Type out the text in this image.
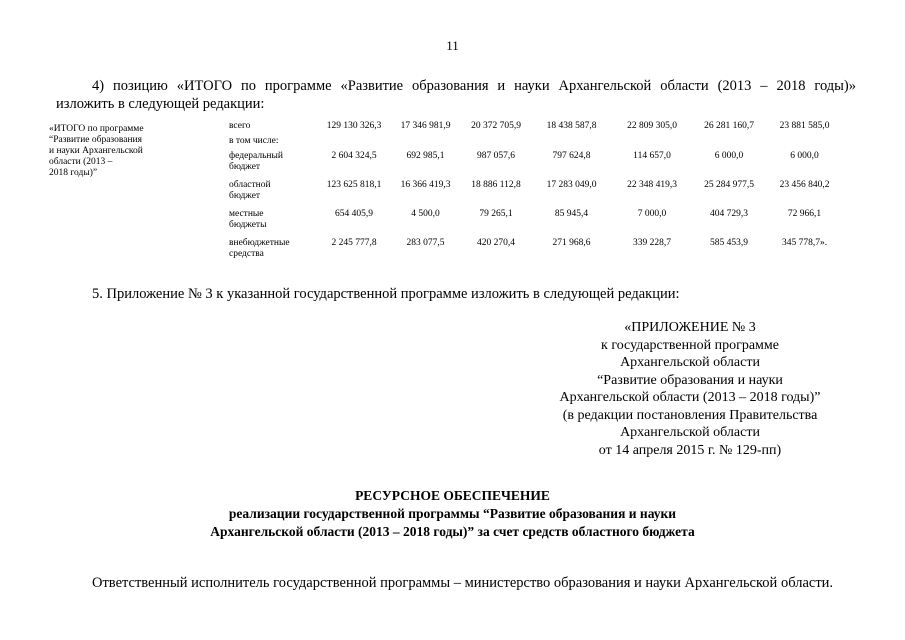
11
4) позицию «ИТОГО по программе «Развитие образования и науки Архангельской области (2013 – 2018 годы)»
изложить в следующей редакции:
«ИТОГО по программе
“Развитие образования
и науки Архангельской
области (2013 –
2018 годы)”
всего	129 130 326,3	17 346 981,9	20 372 705,9	18 438 587,8	22 809 305,0	26 281 160,7	23 881 585,0

в том числе:							

федеральный
бюджет	2 604 324,5	692 985,1	987 057,6	797 624,8	114 657,0	6 000,0	6 000,0

областной
бюджет	123 625 818,1	16 366 419,3	18 886 112,8	17 283 049,0	22 348 419,3	25 284 977,5	23 456 840,2

местные
бюджеты	654 405,9	4 500,0	79 265,1	85 945,4	7 000,0	404 729,3	72 966,1

внебюджетные
средства	2 245 777,8	283 077,5	420 270,4	271 968,6	339 228,7	585 453,9	345 778,7».
5. Приложение № 3 к указанной государственной программе изложить в следующей редакции:
«ПРИЛОЖЕНИЕ № 3
к государственной программе
Архангельской области
“Развитие образования и науки
Архангельской области (2013 – 2018 годы)”
(в редакции постановления Правительства
Архангельской области
от 14 апреля 2015 г. № 129-пп)
РЕСУРСНОЕ ОБЕСПЕЧЕНИЕ
реализации государственной программы “Развитие образования и науки
Архангельской области (2013 – 2018 годы)” за счет средств областного бюджета
Ответственный исполнитель государственной программы – министерство образования и науки Архангельской области.
